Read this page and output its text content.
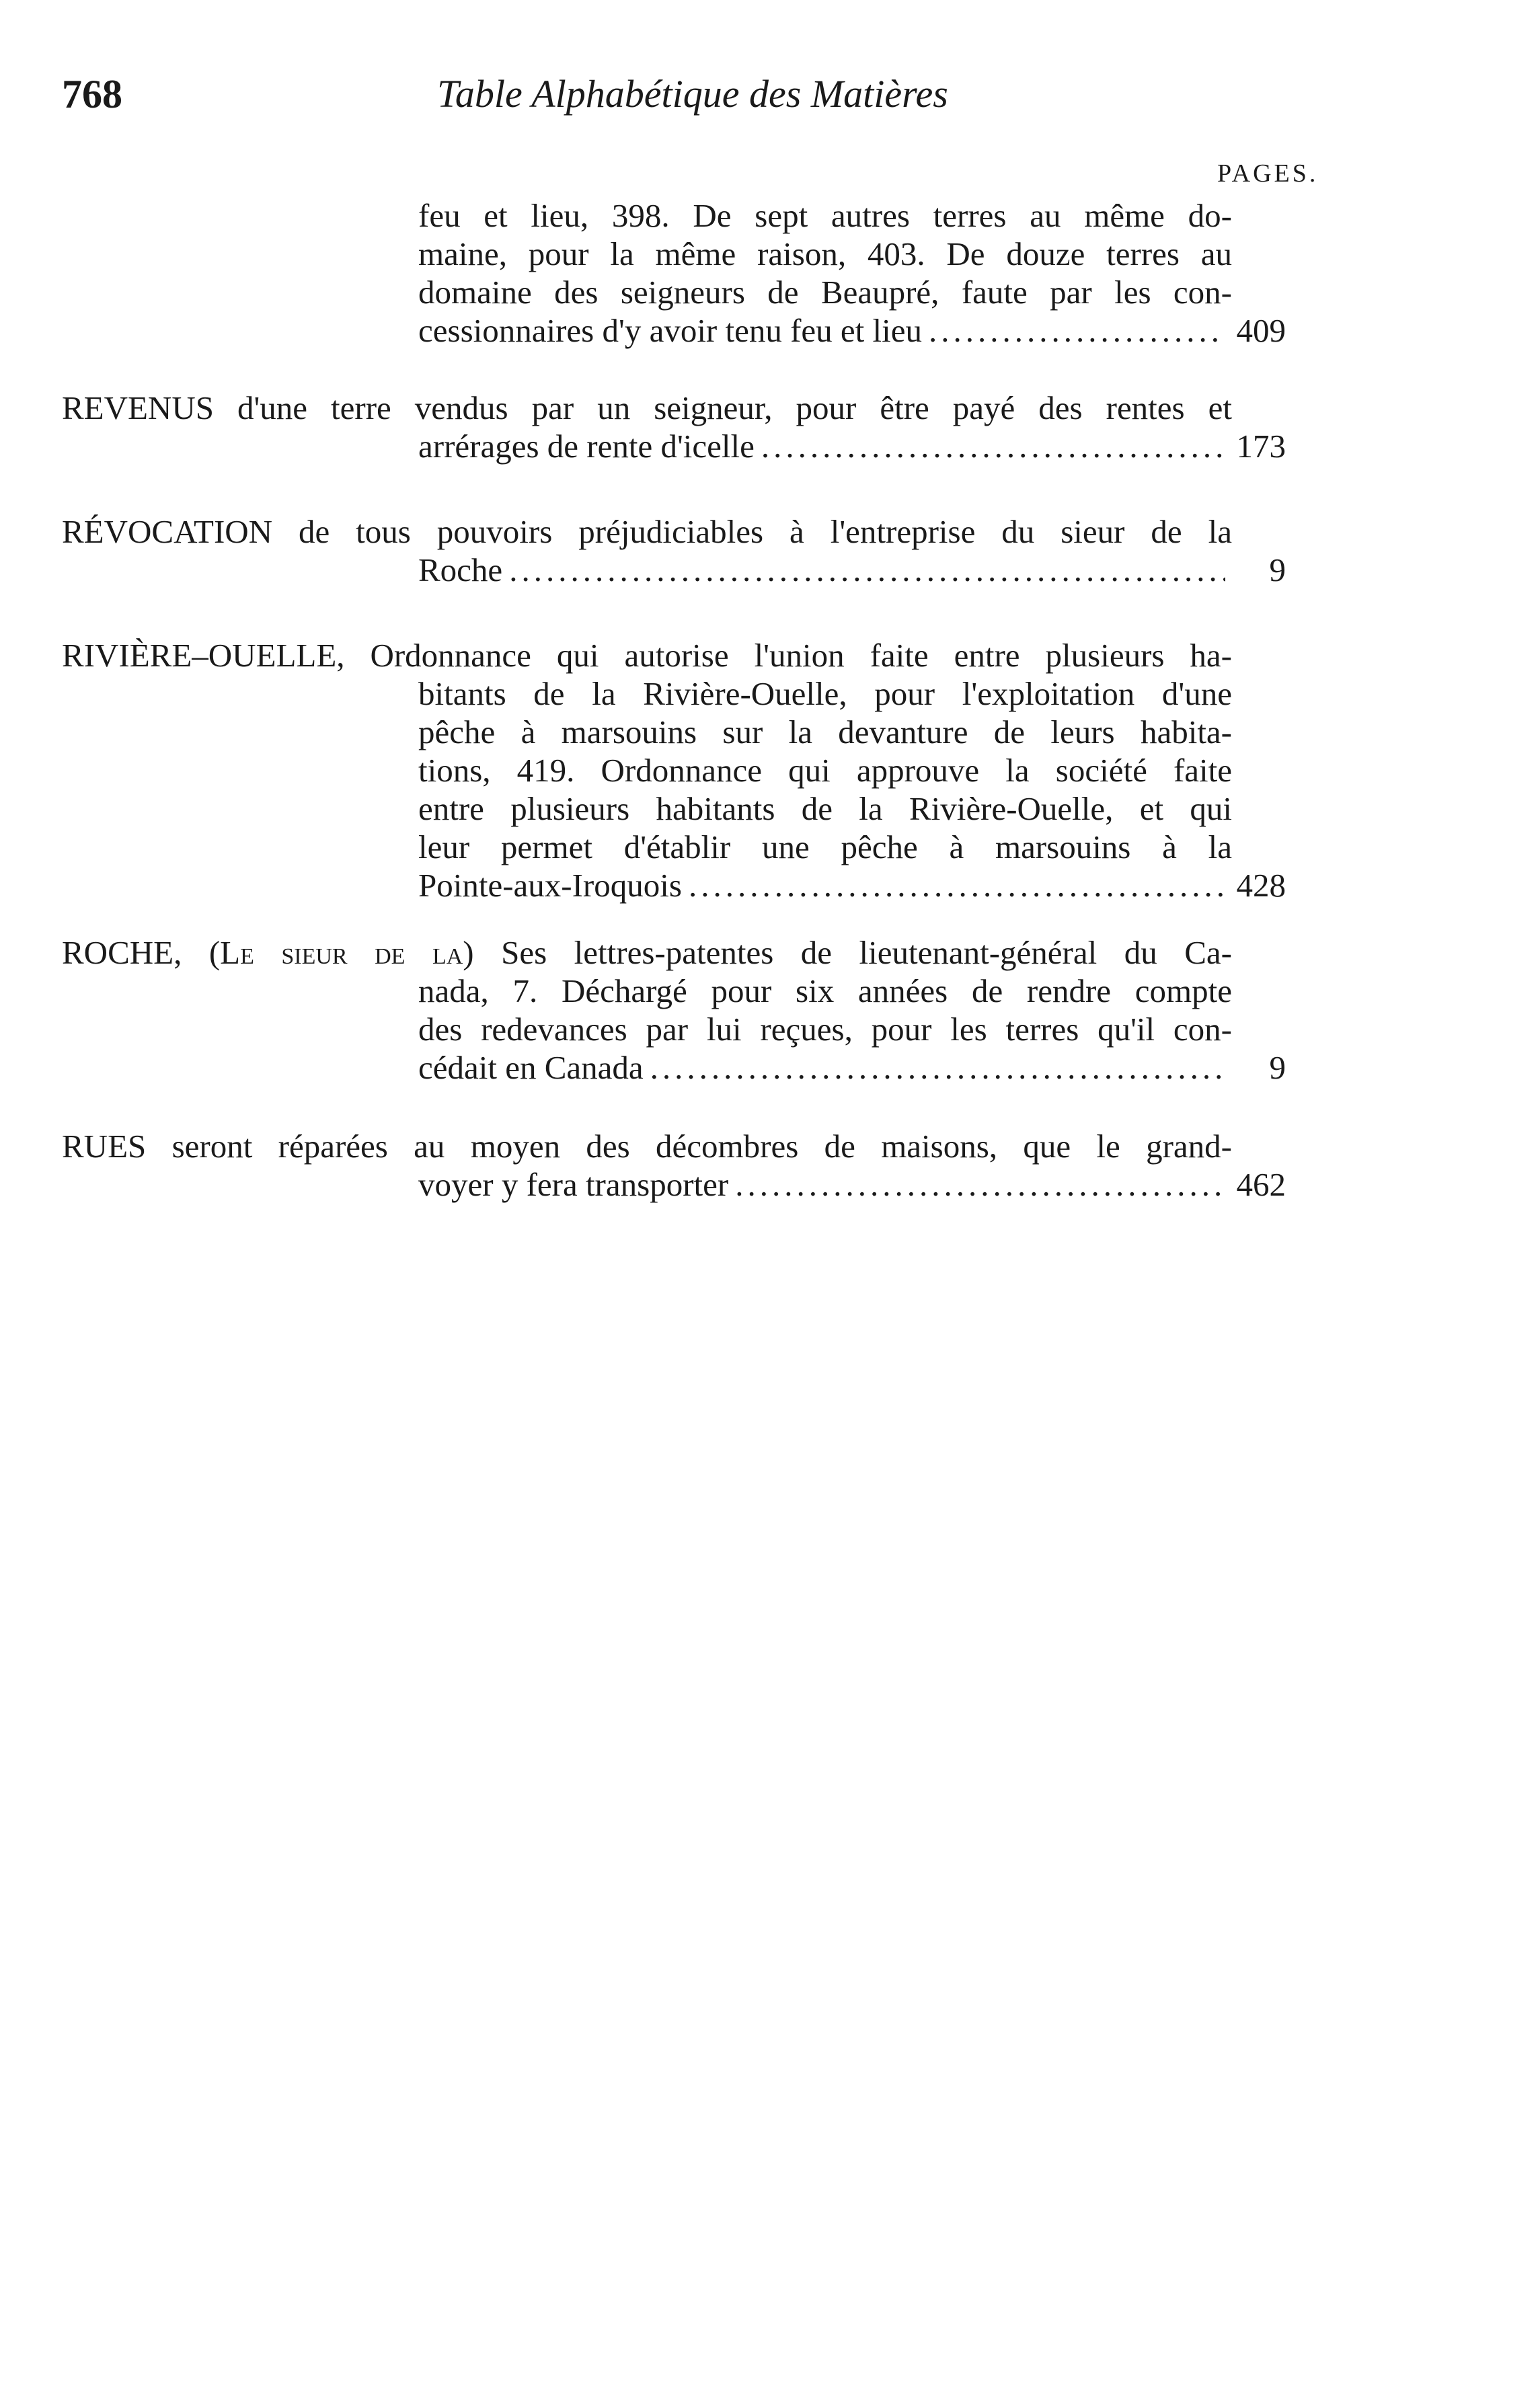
768	Table Alphabétique des Matières
PAGES.
feu et lieu, 398. De sept autres terres au même do-
maine, pour la même raison, 403. De douze terres au
domaine des seigneurs de Beaupré, faute par les con-
cessionnaires d'y avoir tenu feu et lieu .....	409
REVENUS d'une terre vendus par un seigneur, pour être payé des rentes et
arrérages de rente d'icelle .....	173
RÉVOCATION de tous pouvoirs préjudiciables à l'entreprise du sieur de la
Roche .....	9
RIVIÈRE–OUELLE, Ordonnance qui autorise l'union faite entre plusieurs ha-
bitants de la Rivière-Ouelle, pour l'exploitation d'une
pêche à marsouins sur la devanture de leurs habita-
tions, 419. Ordonnance qui approuve la société faite
entre plusieurs habitants de la Rivière-Ouelle, et qui
leur permet d'établir une pêche à marsouins à la
Pointe-aux-Iroquois .....	428
ROCHE, (Le sieur de la) Ses lettres-patentes de lieutenant-général du Ca-
nada, 7. Déchargé pour six années de rendre compte
des redevances par lui reçues, pour les terres qu'il con-
cédait en Canada .....	9
RUES seront réparées au moyen des décombres de maisons, que le grand-
voyer y fera transporter .....	462
